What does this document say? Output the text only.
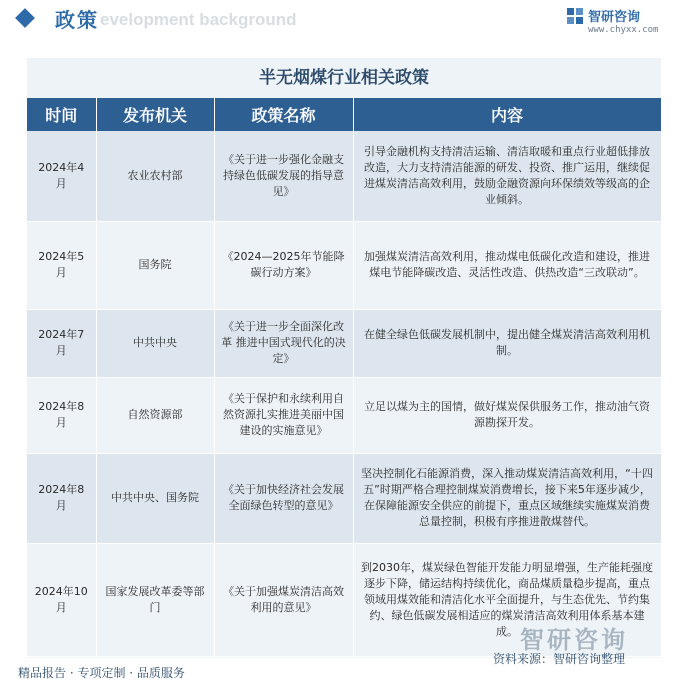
政策 evelopment background	智研咨询
www.chyxx.com
半无烟煤行业相关政策
时间	发布机关	政策名称	内容
2024年4月	农业农村部	《关于进一步强化金融支持绿色低碳发展的指导意见》	引导金融机构支持清洁运输、清洁取暖和重点行业超低排放改造，大力支持清洁能源的研发、投资、推广运用，继续促进煤炭清洁高效利用，鼓励金融资源向环保绩效等级高的企业倾斜。
2024年5月	国务院	《2024—2025年节能降碳行动方案》	加强煤炭清洁高效利用，推动煤电低碳化改造和建设，推进煤电节能降碳改造、灵活性改造、供热改造“三改联动”。
2024年7月	中共中央	《关于进一步全面深化改革 推进中国式现代化的决定》	在健全绿色低碳发展机制中，提出健全煤炭清洁高效利用机制。
2024年8月	自然资源部	《关于保护和永续利用自然资源扎实推进美丽中国建设的实施意见》	立足以煤为主的国情，做好煤炭保供服务工作，推动油气资源勘探开发。
2024年8月	中共中央、国务院	《关于加快经济社会发展全面绿色转型的意见》	坚决控制化石能源消费，深入推动煤炭清洁高效利用，“十四五”时期严格合理控制煤炭消费增长，接下来5年逐步减少，在保障能源安全供应的前提下，重点区域继续实施煤炭消费总量控制，积极有序推进散煤替代。
2024年10月	国家发展改革委等部门	《关于加强煤炭清洁高效利用的意见》	到2030年，煤炭绿色智能开发能力明显增强，生产能耗强度逐步下降，储运结构持续优化，商品煤质量稳步提高，重点领域用煤效能和清洁化水平全面提升，与生态优先、节约集约、绿色低碳发展相适应的煤炭清洁高效利用体系基本建成。 智研咨询
资料来源：智研咨询整理
精品报告 · 专项定制 · 品质服务
